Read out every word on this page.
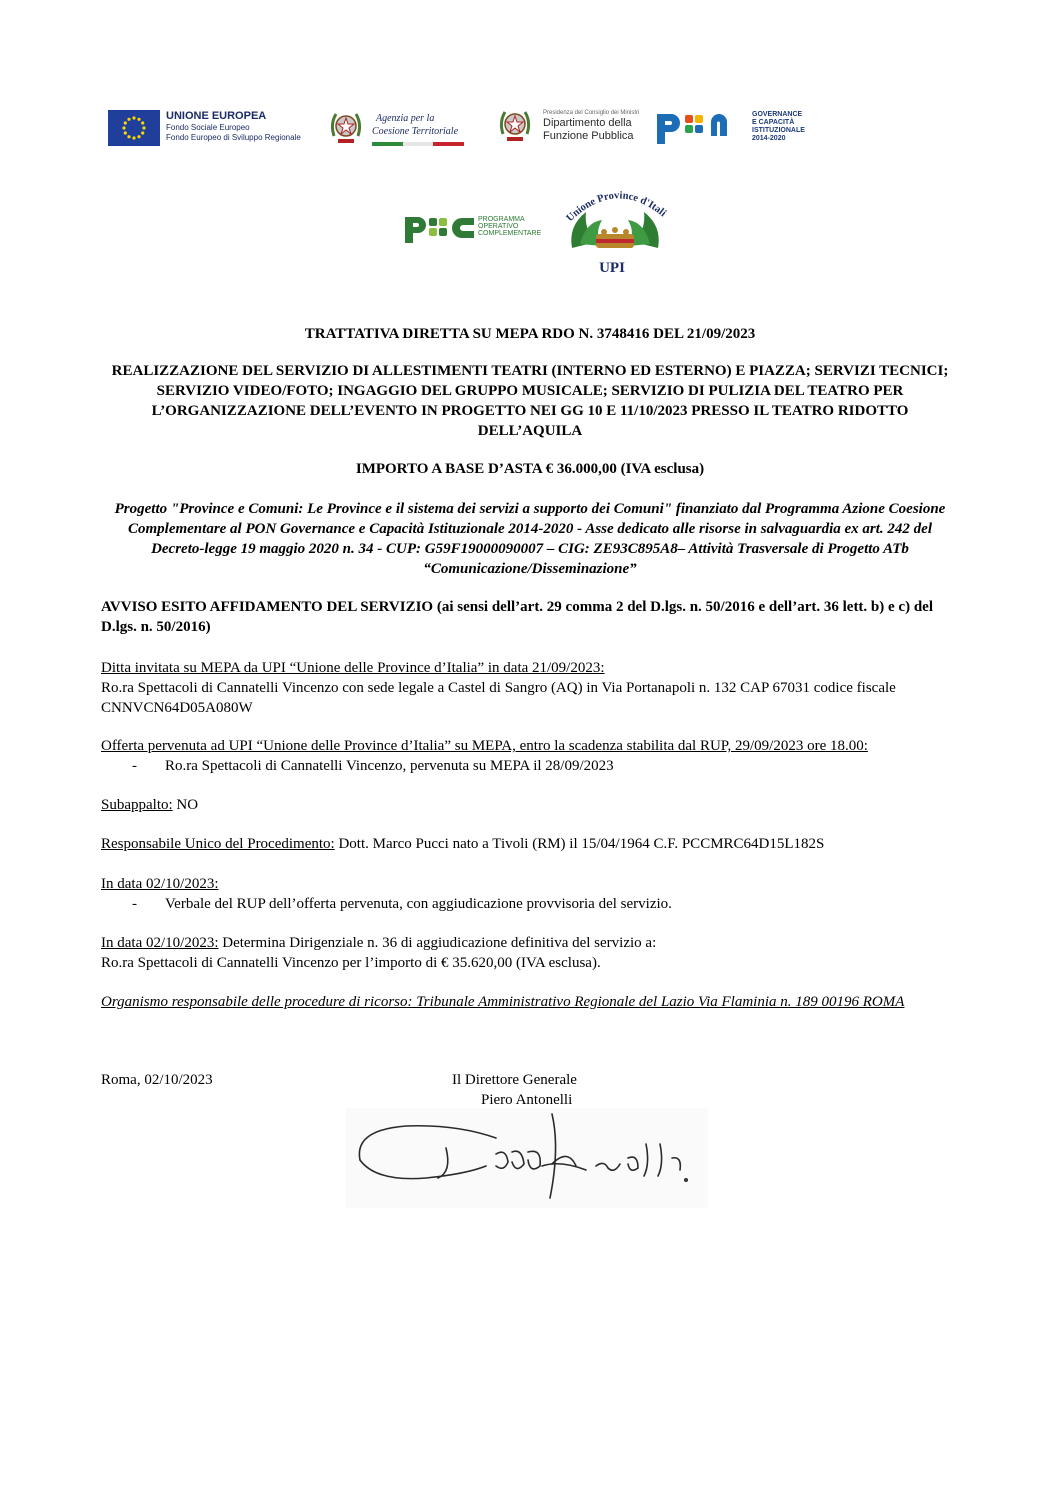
UNIONE EUROPEA
Fondo Sociale Europeo
Fondo Europeo di Sviluppo Regionale
Agenzia per la
Coesione Territoriale
Presidenza del Consiglio dei Ministri
Dipartimento della
Funzione Pubblica
GOVERNANCE
E CAPACITÀ
ISTITUZIONALE
2014-2020
PROGRAMMA
OPERATIVO
COMPLEMENTARE
Unione Province d'Itali
UPI
TRATTATIVA DIRETTA SU MEPA RDO N. 3748416 DEL 21/09/2023
REALIZZAZIONE DEL SERVIZIO DI ALLESTIMENTI TEATRI (INTERNO ED ESTERNO) E PIAZZA; SERVIZI TECNICI; SERVIZIO VIDEO/FOTO; INGAGGIO DEL GRUPPO MUSICALE; SERVIZIO DI PULIZIA DEL TEATRO PER L’ORGANIZZAZIONE DELL’EVENTO IN PROGETTO NEI GG 10 E 11/10/2023 PRESSO IL TEATRO RIDOTTO DELL’AQUILA
IMPORTO A BASE D’ASTA € 36.000,00 (IVA esclusa)
Progetto "Province e Comuni: Le Province e il sistema dei servizi a supporto dei Comuni" finanziato dal Programma Azione Coesione Complementare al PON Governance e Capacità Istituzionale 2014-2020 - Asse dedicato alle risorse in salvaguardia ex art. 242 del Decreto-legge 19 maggio 2020 n. 34 - CUP: G59F19000090007 – CIG: ZE93C895A8– Attività Trasversale di Progetto ATb “Comunicazione/Disseminazione”
AVVISO ESITO AFFIDAMENTO DEL SERVIZIO (ai sensi dell’art. 29 comma 2 del D.lgs. n. 50/2016 e dell’art. 36 lett. b) e c) del D.lgs. n. 50/2016)
Ditta invitata su MEPA da UPI “Unione delle Province d’Italia” in data 21/09/2023:
Ro.ra Spettacoli di Cannatelli Vincenzo con sede legale a Castel di Sangro (AQ) in Via Portanapoli n. 132 CAP 67031 codice fiscale CNNVCN64D05A080W
Offerta pervenuta ad UPI “Unione delle Province d’Italia” su MEPA, entro la scadenza stabilita dal RUP, 29/09/2023 ore 18.00:
- Ro.ra Spettacoli di Cannatelli Vincenzo, pervenuta su MEPA il 28/09/2023
Subappalto: NO
Responsabile Unico del Procedimento: Dott. Marco Pucci nato a Tivoli (RM) il 15/04/1964 C.F. PCCMRC64D15L182S
In data 02/10/2023:
- Verbale del RUP dell’offerta pervenuta, con aggiudicazione provvisoria del servizio.
In data 02/10/2023: Determina Dirigenziale n. 36 di aggiudicazione definitiva del servizio a:
Ro.ra Spettacoli di Cannatelli Vincenzo per l’importo di € 35.620,00 (IVA esclusa).
Organismo responsabile delle procedure di ricorso: Tribunale Amministrativo Regionale del Lazio Via Flaminia n. 189 00196 ROMA
Roma, 02/10/2023	Il Direttore Generale
Piero Antonelli
